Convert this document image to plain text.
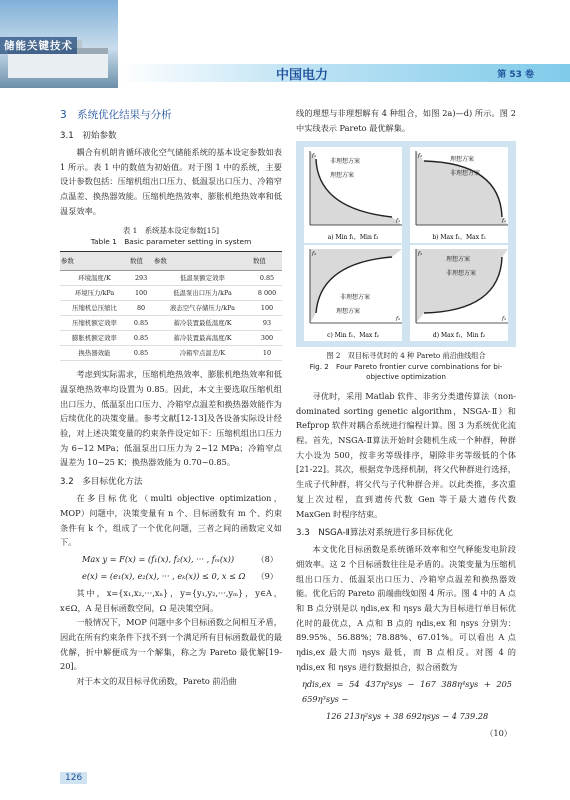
储能关键技术
中国电力	第 53 卷
3　系统优化结果与分析
3.1　初始参数

耦合有机朗肯循环液化空气储能系统的基本设定参数如表 1 所示。表 1 中的数值为初始值。对于图 1 中的系统，主要设计参数包括：压缩机组出口压力、低温泵出口压力、冷箱窄点温差、换热器效能。压缩机绝热效率、膨胀机绝热效率和低温泵效率。

表 1　系统基本设定参数[15]
Table 1　Basic parameter setting in system
参数	数值	参数	数值
环境温度/K	293	低温泵额定效率	0.85
环境压力/kPa	100	低温泵出口压力/kPa	8 000
压缩机总压缩比	80	液态空气存储压力/kPa	100
压缩机额定效率	0.85	蓄冷装置最低温度/K	93
膨胀机额定效率	0.85	蓄冷装置最高温度/K	300
换热器效能	0.85	冷箱窄点温差/K	10

考虑到实际需求，压缩机绝热效率、膨胀机绝热效率和低温泵绝热效率均设置为 0.85。因此，本文主要选取压缩机组出口压力、低温泵出口压力、冷箱窄点温差和换热器效能作为后续优化的决策变量。参考文献[12-13]及各设备实际设计经验，对上述决策变量的约束条件设定如下：压缩机组出口压力为 6~12 MPa；低温泵出口压力为 2~12 MPa；冷箱窄点温差为 10~25 K；换热器效能为 0.70~0.85。

3.2　多目标优化方法

在多目标优化（multi objective optimization，MOP）问题中，决策变量有 n 个、目标函数有 m 个、约束条件有 k 个，组成了一个优化问题，三者之间的函数定义如下。

Max y = F(x) = (f₁(x), f₂(x), ··· , fₘ(x))	（8）
e(x) = (e₁(x), e₂(x), ··· , eₖ(x)) ≤ 0, x ≤ Ω （9）

其中，x={x₁,x₂,···,xₙ}，y={y₁,y₂,···,yₘ}，y∈A，x∈Ω，A 是目标函数空间，Ω 是决策空间。

一般情况下，MOP 问题中多个目标函数之间相互矛盾，因此在所有约束条件下找不到一个满足所有目标函数最优的最优解，折中解便成为一个解集，称之为 Pareto 最优解[19-20]。

对于本文的双目标寻优函数，Pareto 前沿曲

线的理想与非理想解有 4 种组合，如图 2a)—d) 所示。图 2 中实线表示 Pareto 最优解集。

非理想方案
理想方案
f₁
f₂
a) Min f₁，Min f₂
理想方案
非理想方案
f₁
f₂
b) Max f₁，Max f₂
非理想方案
理想方案
f₁
f₂
c) Min f₁，Max f₂
理想方案
非理想方案
f₁
f₂
d) Max f₁，Min f₂
图 2　双目标寻优时的 4 种 Pareto 前沿曲线组合
Fig. 2　Four Pareto frontier curve combinations for bi-objective optimization

寻优时，采用 Matlab 软件、非劣分类遗传算法（non-dominated sorting genetic algorithm，NSGA-Ⅱ）和 Refprop 软件对耦合系统进行编程计算。图 3 为系统优化流程。首先，NSGA-Ⅱ算法开始时会随机生成一个种群，种群大小设为 500，按非劣等级排序，剔除非劣等级低的个体[21-22]。其次，根据竞争选择机制，将父代种群进行选择，生成子代种群，将父代与子代种群合并。以此类推，多次重复上次过程，直到遗传代数 Gen 等于最大遗传代数 MaxGen 时程序结束。

3.3　NSGA-Ⅱ算法对系统进行多目标优化

本文优化目标函数是系统循环效率和空气释能发电阶段㶲效率。这 2 个目标函数往往是矛盾的。决策变量为压缩机组出口压力、低温泵出口压力、冷箱窄点温差和换热器效能。优化后的 Pareto 前端曲线如图 4 所示。图 4 中的 A 点和 B 点分别是以 ηdis,ex 和 ηsys 最大为目标进行单目标优化时的最优点，A 点和 B 点的 ηdis,ex 和 ηsys 分别为：89.95%、56.88%；78.88%、67.01%。可以看出 A 点 ηdis,ex 最大而 ηsys 最低，而 B 点相反。对图 4 的 ηdis,ex 和 ηsys 进行数据拟合，拟合函数为

ηdis,ex = 54 437η⁵sys − 167 388η⁴sys + 205 659η³sys −
126 213η²sys + 38 692ηsys − 4 739.28
（10）
126
